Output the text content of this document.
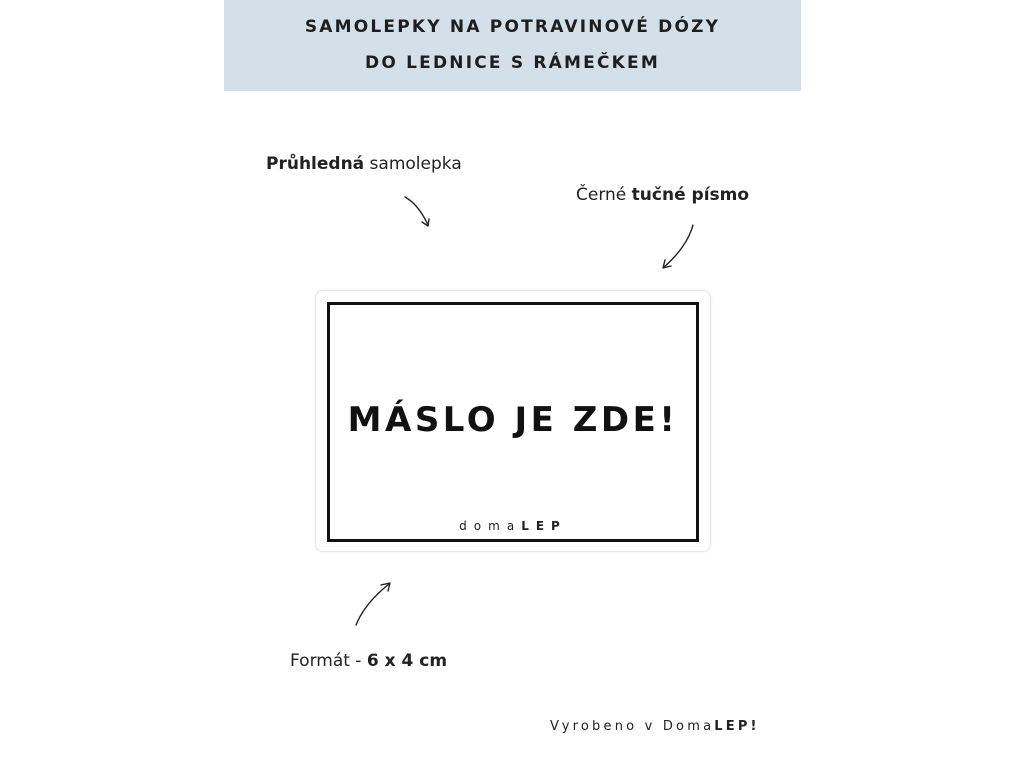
SAMOLEPKY NA POTRAVINOVÉ DÓZY
DO LEDNICE S RÁMEČKEM
Průhledná samolepka
Černé tučné písmo
MÁSLO JE ZDE!
domaLEP
Formát - 6 x 4 cm
Vyrobeno v DomaLEP!
